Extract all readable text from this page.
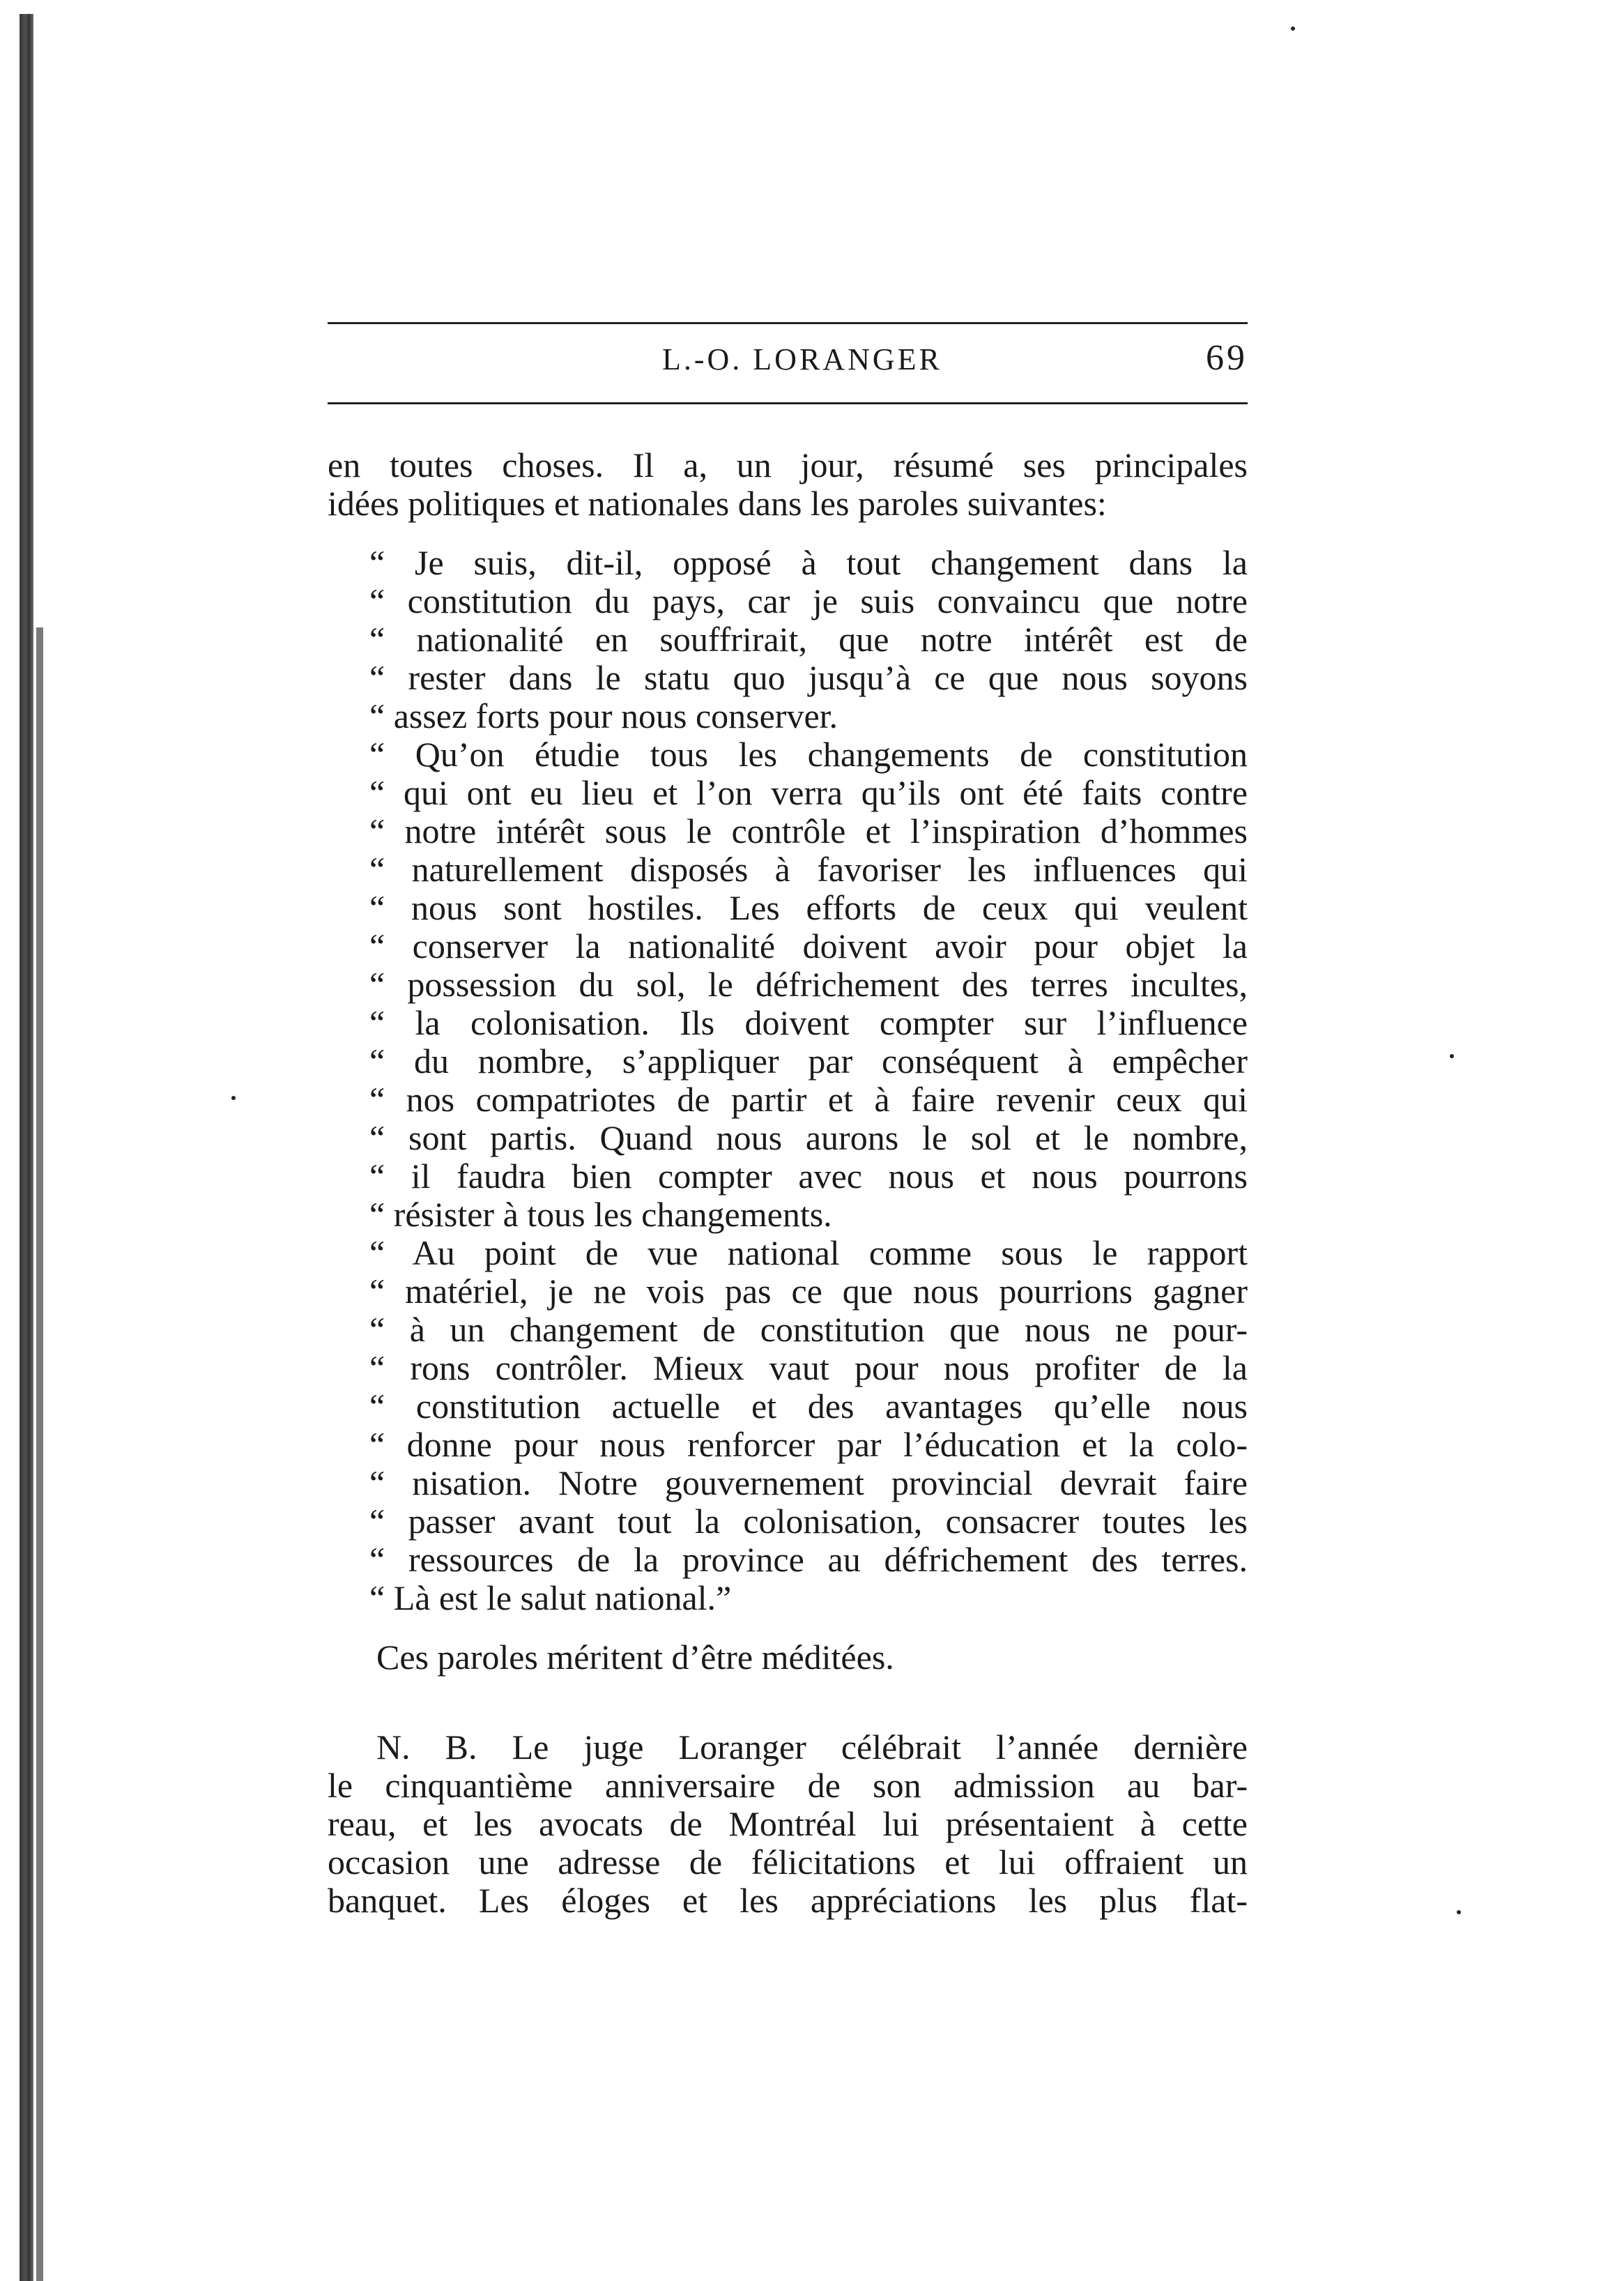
L.-O. LORANGER	69
en toutes choses. Il a, un jour, résumé ses principales
idées politiques et nationales dans les paroles suivantes:
“ Je suis, dit-il, opposé à tout changement dans la
“ constitution du pays, car je suis convaincu que notre
“ nationalité en souffrirait, que notre intérêt est de
“ rester dans le statu quo jusqu’à ce que nous soyons
“ assez forts pour nous conserver.
“ Qu’on étudie tous les changements de constitution
“ qui ont eu lieu et l’on verra qu’ils ont été faits contre
“ notre intérêt sous le contrôle et l’inspiration d’hommes
“ naturellement disposés à favoriser les influences qui
“ nous sont hostiles. Les efforts de ceux qui veulent
“ conserver la nationalité doivent avoir pour objet la
“ possession du sol, le défrichement des terres incultes,
“ la colonisation. Ils doivent compter sur l’influence
“ du nombre, s’appliquer par conséquent à empêcher
“ nos compatriotes de partir et à faire revenir ceux qui
“ sont partis. Quand nous aurons le sol et le nombre,
“ il faudra bien compter avec nous et nous pourrons
“ résister à tous les changements.
“ Au point de vue national comme sous le rapport
“ matériel, je ne vois pas ce que nous pourrions gagner
“ à un changement de constitution que nous ne pour-
“ rons contrôler. Mieux vaut pour nous profiter de la
“ constitution actuelle et des avantages qu’elle nous
“ donne pour nous renforcer par l’éducation et la colo-
“ nisation. Notre gouvernement provincial devrait faire
“ passer avant tout la colonisation, consacrer toutes les
“ ressources de la province au défrichement des terres.
“ Là est le salut national.”
Ces paroles méritent d’être méditées.
N. B. Le juge Loranger célébrait l’année dernière
le cinquantième anniversaire de son admission au bar-
reau, et les avocats de Montréal lui présentaient à cette
occasion une adresse de félicitations et lui offraient un
banquet. Les éloges et les appréciations les plus flat-
